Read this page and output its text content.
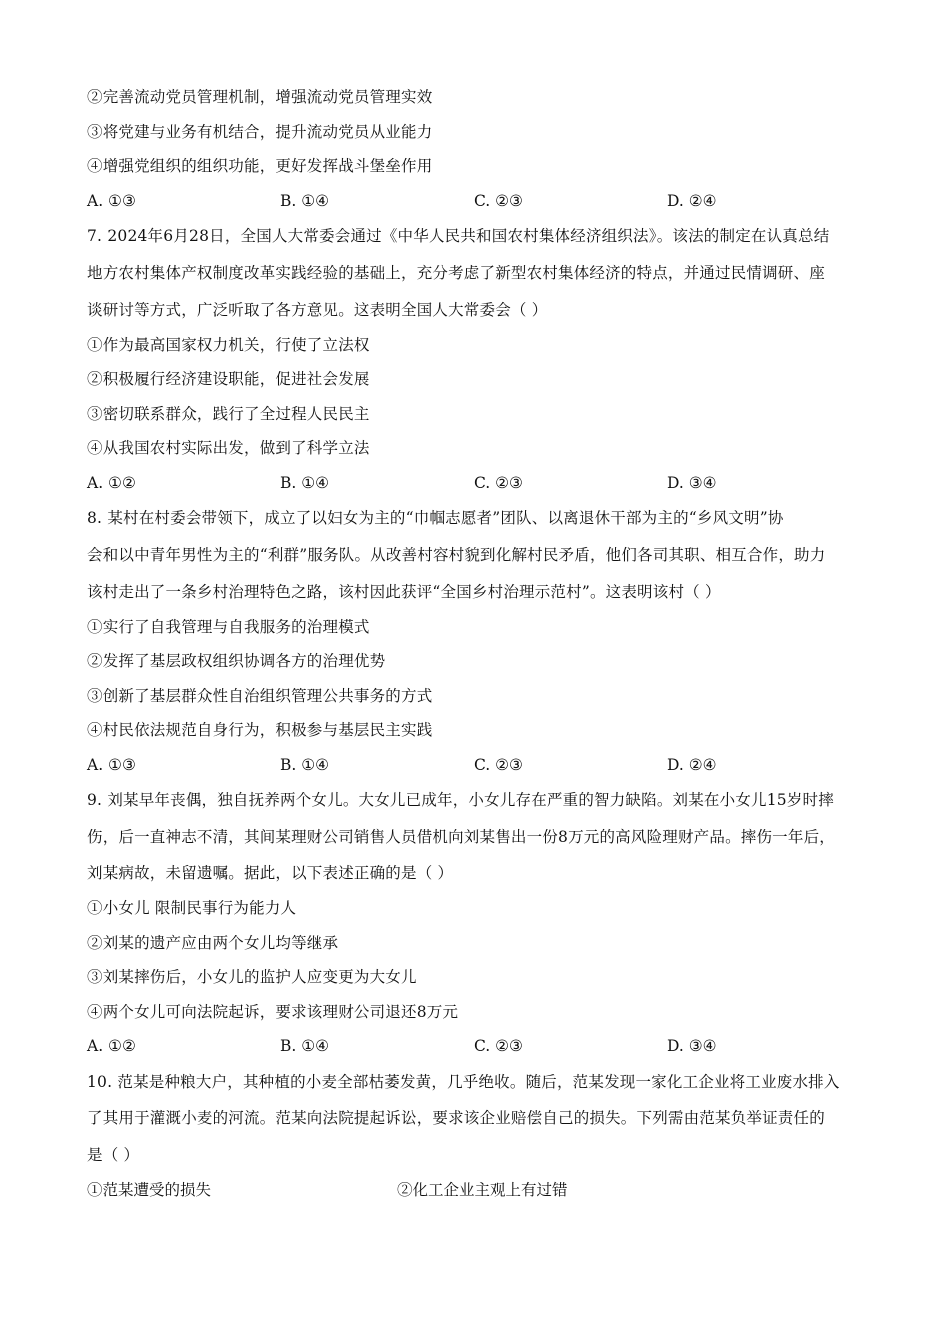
②完善流动党员管理机制，增强流动党员管理实效
③将党建与业务有机结合，提升流动党员从业能力
④增强党组织的组织功能，更好发挥战斗堡垒作用
A. ①③	B. ①④	C. ②③	D. ②④
7. 2024年6月28日，全国人大常委会通过《中华人民共和国农村集体经济组织法》。该法的制定在认真总结
地方农村集体产权制度改革实践经验的基础上，充分考虑了新型农村集体经济的特点，并通过民情调研、座
谈研讨等方式，广泛听取了各方意见。这表明全国人大常委会（ ）
①作为最高国家权力机关，行使了立法权
②积极履行经济建设职能，促进社会发展
③密切联系群众，践行了全过程人民民主
④从我国农村实际出发，做到了科学立法
A. ①②	B. ①④	C. ②③	D. ③④
8. 某村在村委会带领下，成立了以妇女为主的“巾帼志愿者”团队、以离退休干部为主的“乡风文明”协
会和以中青年男性为主的“利群”服务队。从改善村容村貌到化解村民矛盾，他们各司其职、相互合作，助力
该村走出了一条乡村治理特色之路，该村因此获评“全国乡村治理示范村”。这表明该村（ ）
①实行了自我管理与自我服务的治理模式
②发挥了基层政权组织协调各方的治理优势
③创新了基层群众性自治组织管理公共事务的方式
④村民依法规范自身行为，积极参与基层民主实践
A. ①③	B. ①④	C. ②③	D. ②④
9. 刘某早年丧偶，独自抚养两个女儿。大女儿已成年，小女儿存在严重的智力缺陷。刘某在小女儿15岁时摔
伤，后一直神志不清，其间某理财公司销售人员借机向刘某售出一份8万元的高风险理财产品。摔伤一年后，
刘某病故，未留遗嘱。据此，以下表述正确的是（ ）
①小女儿 限制民事行为能力人
②刘某的遗产应由两个女儿均等继承
③刘某摔伤后，小女儿的监护人应变更为大女儿
④两个女儿可向法院起诉，要求该理财公司退还8万元
A. ①②	B. ①④	C. ②③	D. ③④
10. 范某是种粮大户，其种植的小麦全部枯萎发黄，几乎绝收。随后，范某发现一家化工企业将工业废水排入
了其用于灌溉小麦的河流。范某向法院提起诉讼，要求该企业赔偿自己的损失。下列需由范某负举证责任的
是（ ）
①范某遭受的损失	②化工企业主观上有过错
